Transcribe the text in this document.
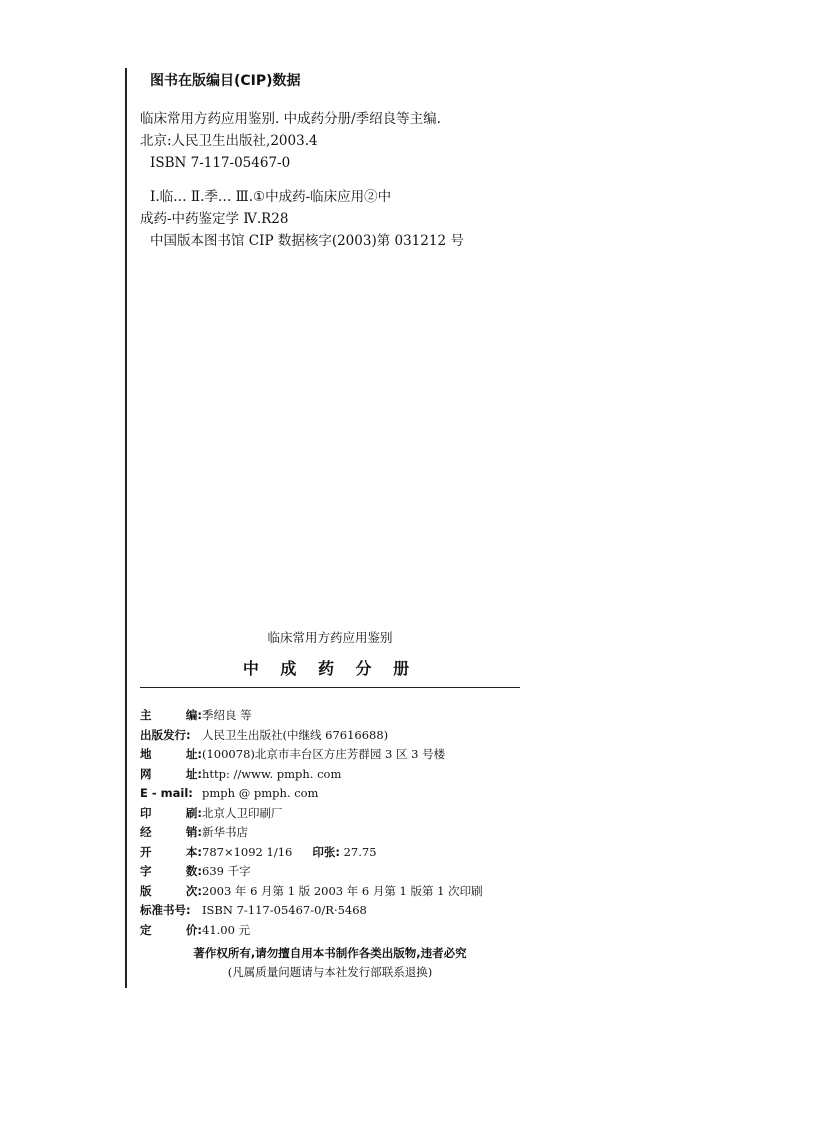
图书在版编目(CIP)数据

临床常用方药应用鉴别. 中成药分册/季绍良等主编.

北京:人民卫生出版社,2003.4

ISBN 7-117-05467-0

Ⅰ.临… Ⅱ.季… Ⅲ.①中成药-临床应用②中

成药-中药鉴定学 Ⅳ.R28

中国版本图书馆 CIP 数据核字(2003)第 031212 号

临床常用方药应用鉴别

中 成 药 分 册

主	编: 季绍良 等
出版发行: 人民卫生出版社(中继线 67616688)
地	址: (100078)北京市丰台区方庄芳群园 3 区 3 号楼
网	址: http: //www. pmph. com
E - mail: pmph @ pmph. com
印	刷: 北京人卫印刷厂
经	销: 新华书店
开	本: 787×1092 1/16 印张: 27.75
字	数: 639 千字
版	次: 2003 年 6 月第 1 版 2003 年 6 月第 1 版第 1 次印刷
标准书号: ISBN 7-117-05467-0/R·5468
定	价: 41.00 元

著作权所有,请勿擅自用本书制作各类出版物,违者必究

(凡属质量问题请与本社发行部联系退换)
